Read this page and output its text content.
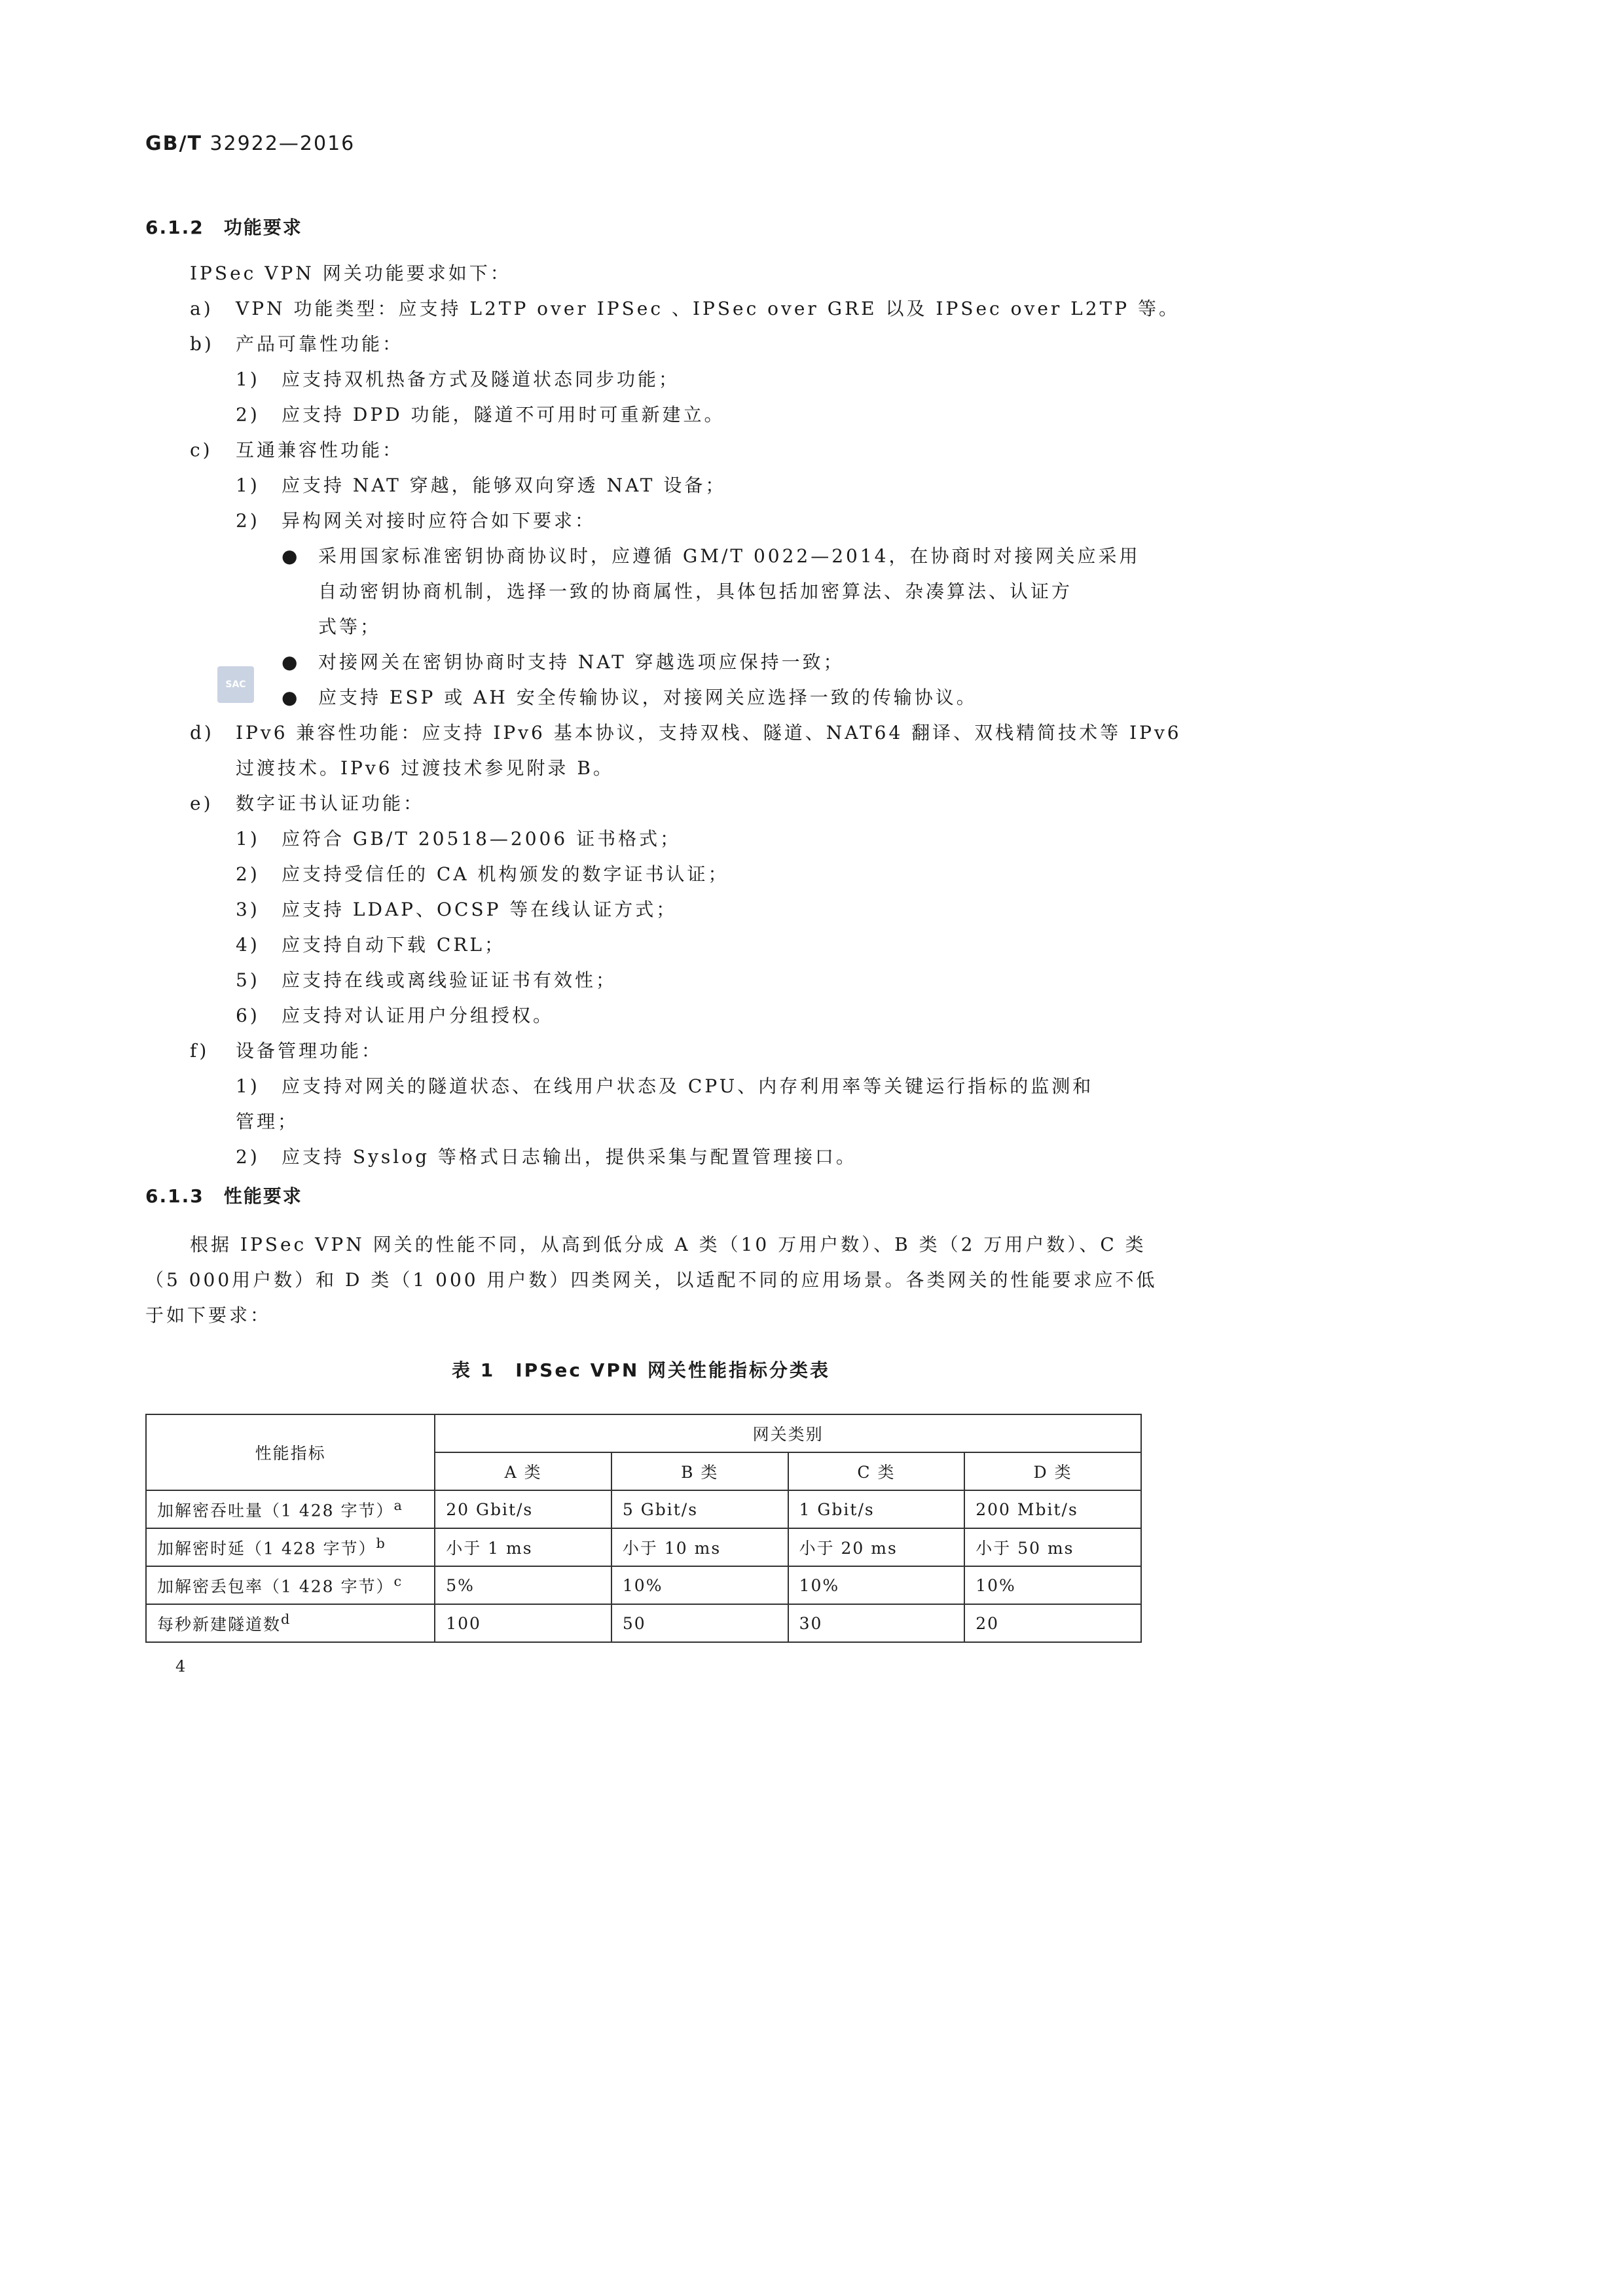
GB/T 32922—2016
6.1.2　功能要求
IPSec VPN 网关功能要求如下：
a) VPN 功能类型：应支持 L2TP over IPSec 、IPSec over GRE 以及 IPSec over L2TP 等。
b) 产品可靠性功能：
1) 应支持双机热备方式及隧道状态同步功能；
2) 应支持 DPD 功能，隧道不可用时可重新建立。
c) 互通兼容性功能：
1) 应支持 NAT 穿越，能够双向穿透 NAT 设备；
2) 异构网关对接时应符合如下要求：
● 采用国家标准密钥协商协议时，应遵循 GM/T 0022—2014，在协商时对接网关应采用
自动密钥协商机制，选择一致的协商属性，具体包括加密算法、杂凑算法、认证方
式等；
● 对接网关在密钥协商时支持 NAT 穿越选项应保持一致；
SAC
● 应支持 ESP 或 AH 安全传输协议，对接网关应选择一致的传输协议。
d) IPv6 兼容性功能：应支持 IPv6 基本协议，支持双栈、隧道、NAT64 翻译、双栈精简技术等 IPv6
过渡技术。IPv6 过渡技术参见附录 B。
e) 数字证书认证功能：
1) 应符合 GB/T 20518—2006 证书格式；
2) 应支持受信任的 CA 机构颁发的数字证书认证；
3) 应支持 LDAP、OCSP 等在线认证方式；
4) 应支持自动下载 CRL；
5) 应支持在线或离线验证证书有效性；
6) 应支持对认证用户分组授权。
f) 设备管理功能：
1) 应支持对网关的隧道状态、在线用户状态及 CPU、内存利用率等关键运行指标的监测和
管理；
2) 应支持 Syslog 等格式日志输出，提供采集与配置管理接口。
6.1.3　性能要求
根据 IPSec VPN 网关的性能不同，从高到低分成 A 类（10 万用户数）、B 类（2 万用户数）、C 类
（5 000用户数）和 D 类（1 000 用户数）四类网关，以适配不同的应用场景。各类网关的性能要求应不低
于如下要求：
表 1　IPSec VPN 网关性能指标分类表
性能指标	网关类别			
	A 类	B 类	C 类	D 类
加解密吞吐量（1 428 字节）$^a$	20 Gbit/s	5 Gbit/s	1 Gbit/s	200 Mbit/s
加解密时延（1 428 字节）$^b$	小于 1 ms	小于 10 ms	小于 20 ms	小于 50 ms
加解密丢包率（1 428 字节）$^c$	5%	10%	10%	10%
每秒新建隧道数$^d$	100	50	30	20
4
